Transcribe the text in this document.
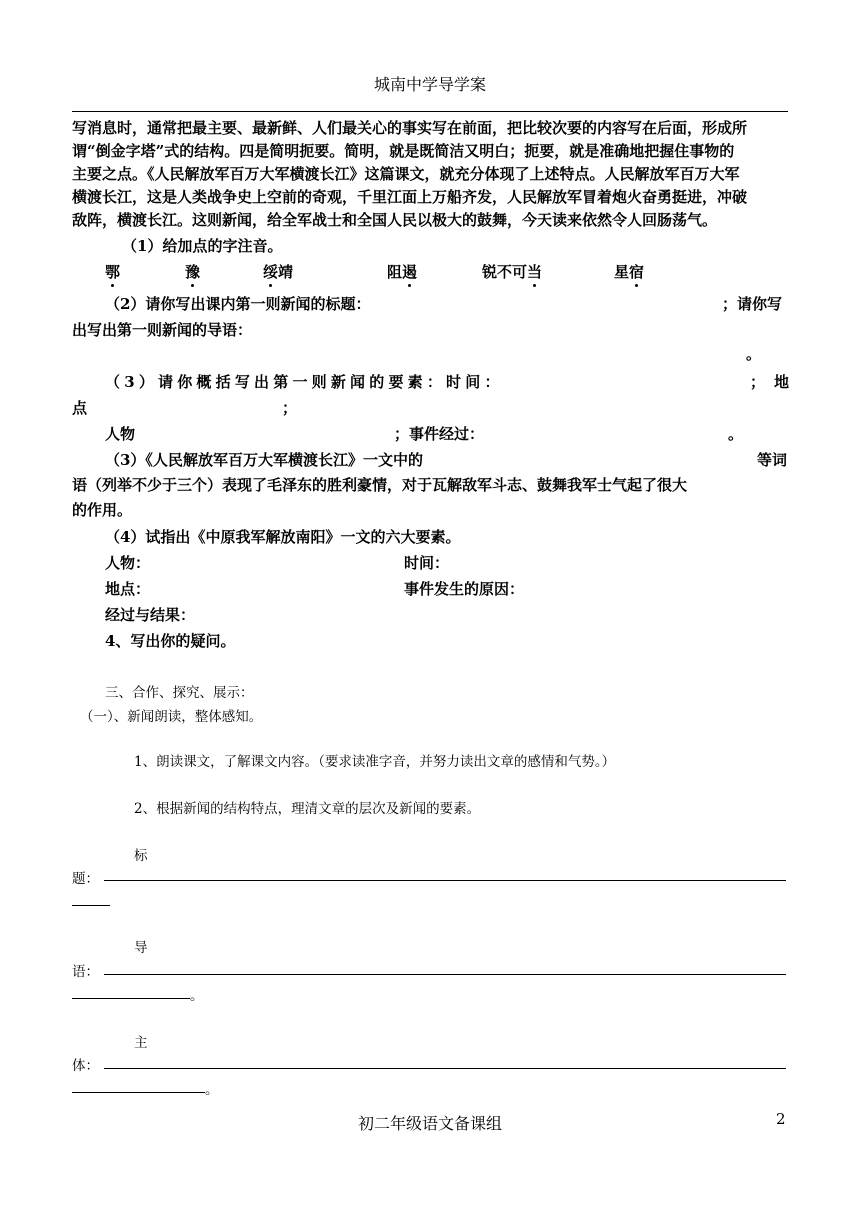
城南中学导学案
写消息时，通常把最主要、最新鲜、人们最关心的事实写在前面，把比较次要的内容写在后面，形成所
谓“倒金字塔”式的结构。四是简明扼要。简明，就是既简洁又明白；扼要，就是准确地把握住事物的
主要之点。《人民解放军百万大军横渡长江》这篇课文，就充分体现了上述特点。人民解放军百万大军
横渡长江，这是人类战争史上空前的奇观，千里江面上万船齐发，人民解放军冒着炮火奋勇挺进，冲破
敌阵，横渡长江。这则新闻，给全军战士和全国人民以极大的鼓舞，今天读来依然令人回肠荡气。
（1）给加点的字注音。
鄂	豫	绥靖	阻遏	锐不可当	星宿
（2）请你写出课内第一则新闻的标题：	；请你写
出写出第一则新闻的导语：
。
（3）请你概括写出第一则新闻的要素：时间：	； 地
点	；
人物	；事件经过：	。
（3）《人民解放军百万大军横渡长江》一文中的	等词
语（列举不少于三个）表现了毛泽东的胜利豪情，对于瓦解敌军斗志、鼓舞我军士气起了很大
的作用。
（4）试指出《中原我军解放南阳》一文的六大要素。
人物：	时间：
地点：	事件发生的原因：
经过与结果：
4、写出你的疑问。
三、合作、探究、展示：
（一）、新闻朗读，整体感知。
1、朗读课文，了解课文内容。（要求读准字音，并努力读出文章的感情和气势。）
2、根据新闻的结构特点，理清文章的层次及新闻的要素。
标
题：
导
语：
。
主
体：
。
初二年级语文备课组	2
